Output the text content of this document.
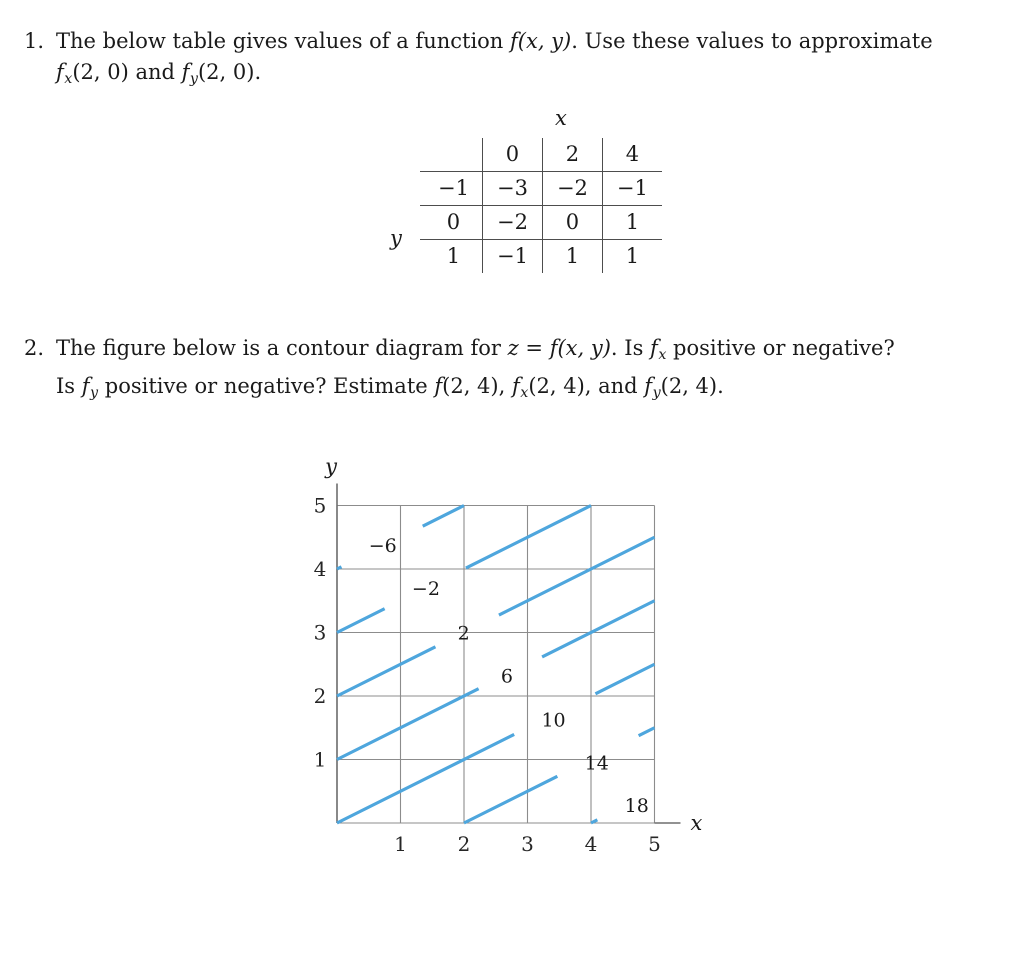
1. The below table gives values of a function f(x, y). Use these values to approximate
$f_x(2$, 0) and $f_y(2$, 0).
x
y
	0	2	4
−1	−3	−2	−1
0	−2	0	1
1	−1	1	1
2. The figure below is a contour diagram for z = f(x, y). Is $f_x$ positive or negative?
Is $f_y$ positive or negative? Estimate f(2, 4), $f_x(2$, 4), and $f_y(2$, 4).
1	2	3	4	5
1
2
3
4
5
−6
−2
2
6
10
14
18
y
x
